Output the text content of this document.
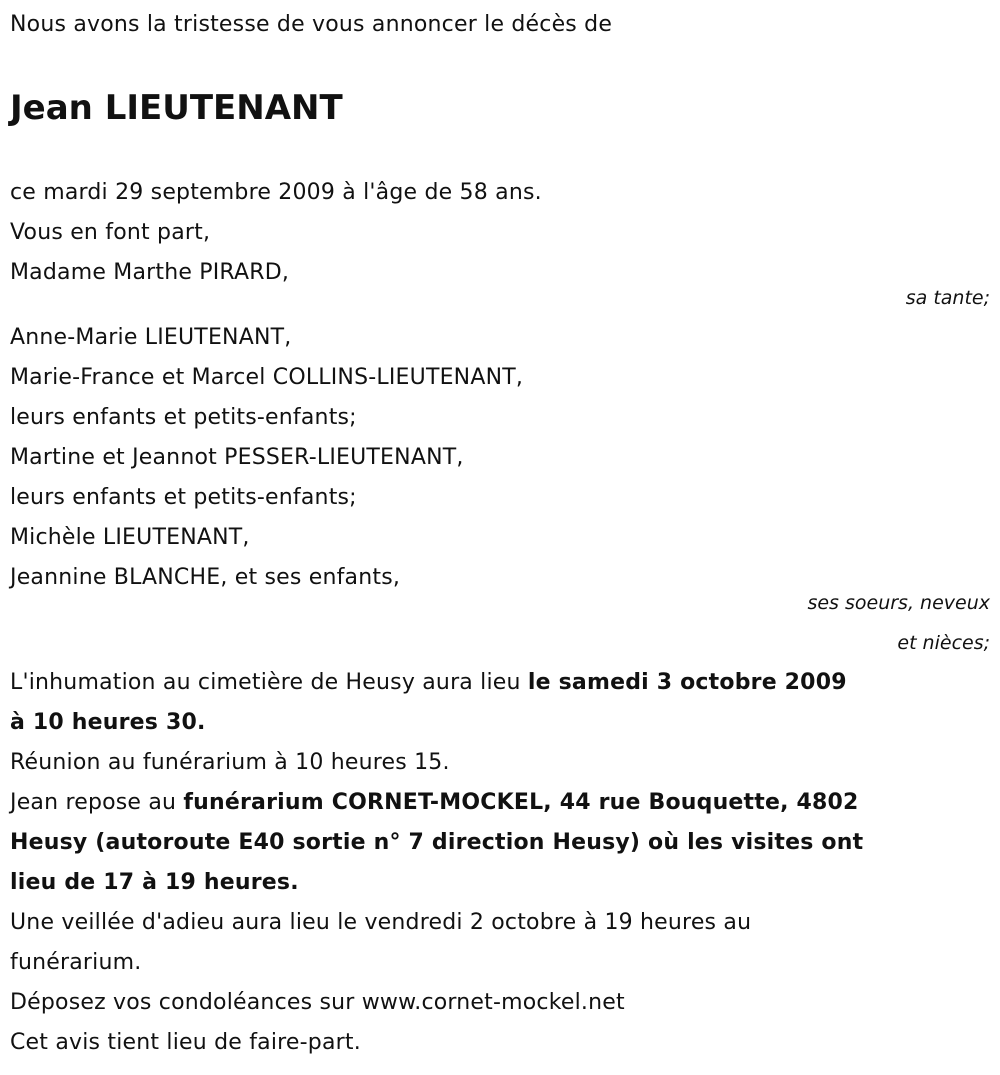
Nous avons la tristesse de vous annoncer le décès de
Jean LIEUTENANT
ce mardi 29 septembre 2009 à l'âge de 58 ans.
Vous en font part,
Madame Marthe PIRARD,
sa tante;
Anne-Marie LIEUTENANT,
Marie-France et Marcel COLLINS-LIEUTENANT,
leurs enfants et petits-enfants;
Martine et Jeannot PESSER-LIEUTENANT,
leurs enfants et petits-enfants;
Michèle LIEUTENANT,
Jeannine BLANCHE, et ses enfants,
ses soeurs, neveux
et nièces;
L'inhumation au cimetière de Heusy aura lieu le samedi 3 octobre 2009
à 10 heures 30.
Réunion au funérarium à 10 heures 15.
Jean repose au funérarium CORNET-MOCKEL, 44 rue Bouquette, 4802
Heusy (autoroute E40 sortie n° 7 direction Heusy) où les visites ont
lieu de 17 à 19 heures.
Une veillée d'adieu aura lieu le vendredi 2 octobre à 19 heures au
funérarium.
Déposez vos condoléances sur www.cornet-mockel.net
Cet avis tient lieu de faire-part.
